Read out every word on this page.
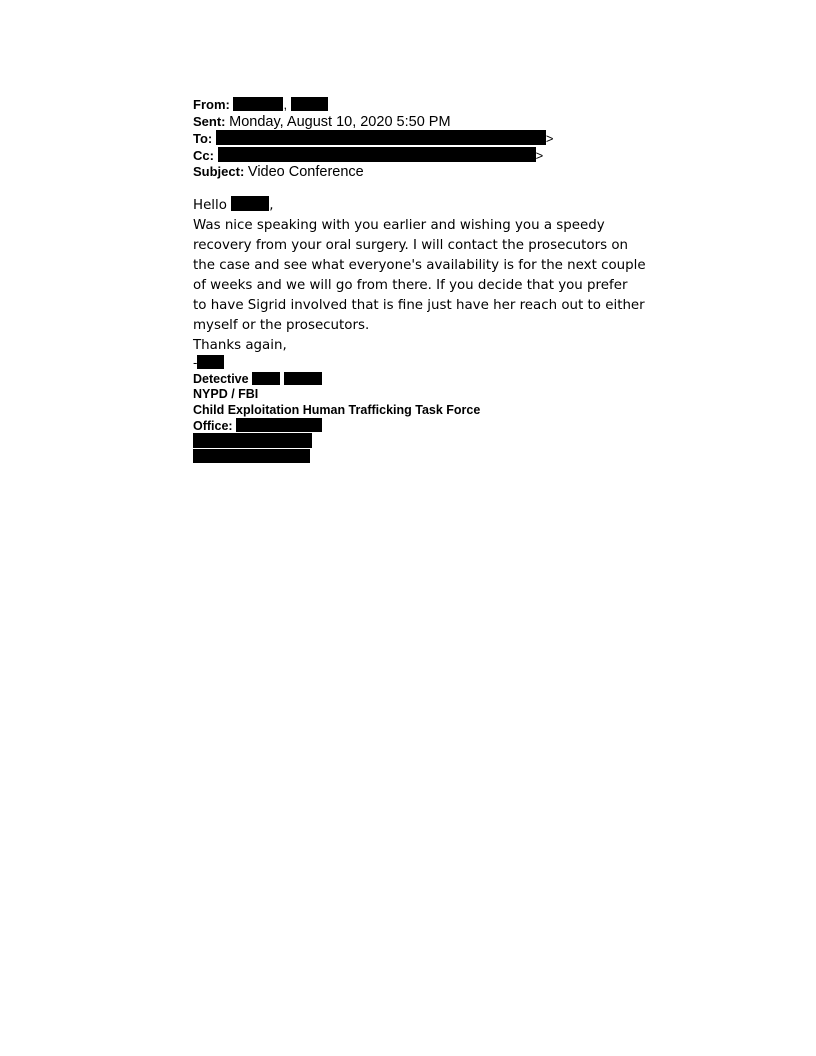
From:	,
Sent: Monday, August 10, 2020 5:50 PM
To:	>
Cc:	>
Subject: Video Conference
Hello	,
Was nice speaking with you earlier and wishing you a speedy
recovery from your oral surgery. I will contact the prosecutors on
the case and see what everyone's availability is for the next couple
of weeks and we will go from there. If you decide that you prefer
to have Sigrid involved that is fine just have her reach out to either
myself or the prosecutors.
Thanks again,
-
Detective
NYPD / FBI
Child Exploitation Human Trafficking Task Force
Office:
